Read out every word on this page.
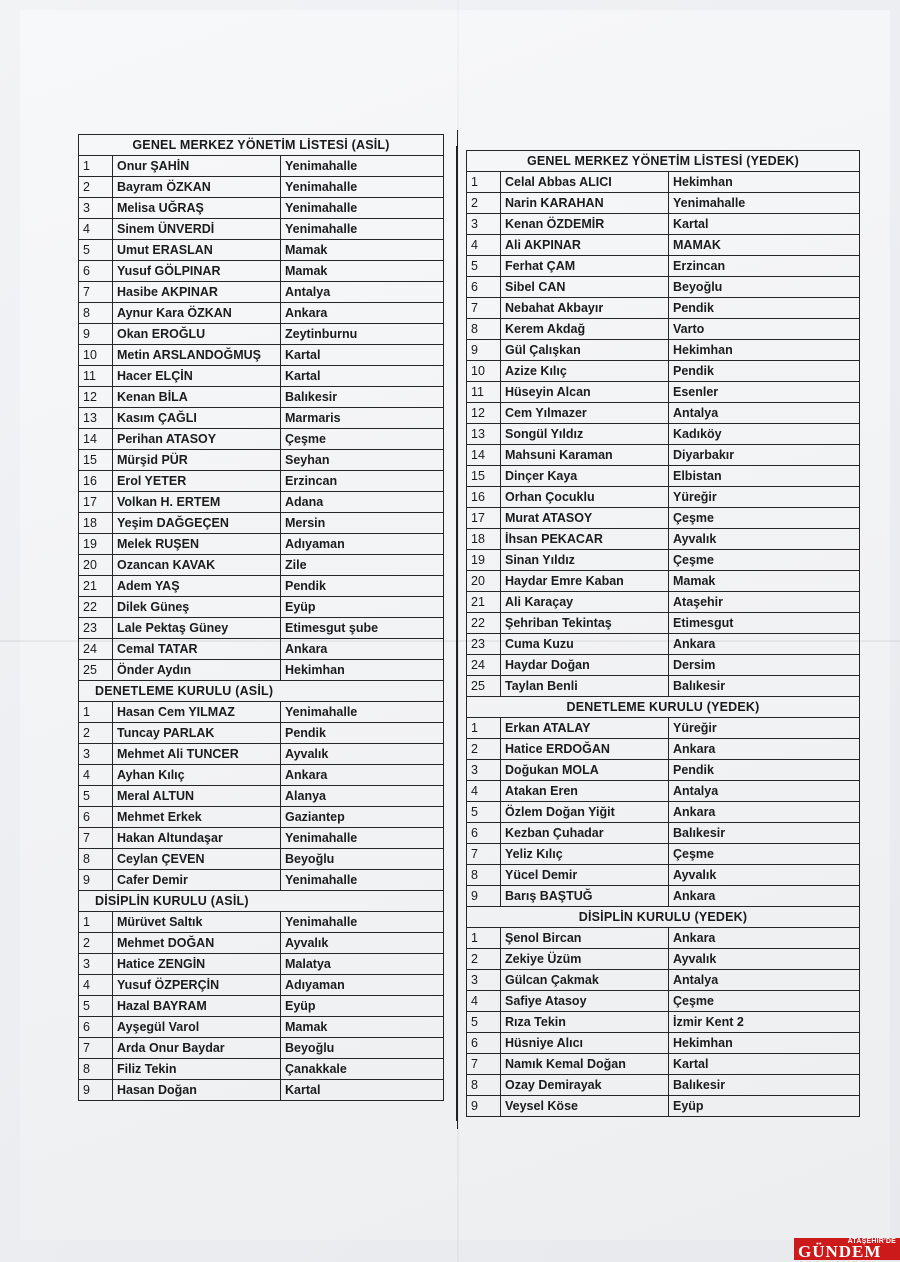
GENEL MERKEZ YÖNETİM LİSTESİ (ASİL)		
1	Onur ŞAHİN	Yenimahalle
2	Bayram ÖZKAN	Yenimahalle
3	Melisa UĞRAŞ	Yenimahalle
4	Sinem ÜNVERDİ	Yenimahalle
5	Umut ERASLAN	Mamak
6	Yusuf GÖLPINAR	Mamak
7	Hasibe AKPINAR	Antalya
8	Aynur Kara ÖZKAN	Ankara
9	Okan EROĞLU	Zeytinburnu
10	Metin ARSLANDOĞMUŞ	Kartal
11	Hacer ELÇİN	Kartal
12	Kenan BİLA	Balıkesir
13	Kasım ÇAĞLI	Marmaris
14	Perihan ATASOY	Çeşme
15	Mürşid PÜR	Seyhan
16	Erol YETER	Erzincan
17	Volkan H. ERTEM	Adana
18	Yeşim DAĞGEÇEN	Mersin
19	Melek RUŞEN	Adıyaman
20	Ozancan KAVAK	Zile
21	Adem YAŞ	Pendik
22	Dilek Güneş	Eyüp
23	Lale Pektaş Güney	Etimesgut şube
24	Cemal TATAR	Ankara
25	Önder Aydın	Hekimhan
DENETLEME KURULU (ASİL)		
1	Hasan Cem YILMAZ	Yenimahalle
2	Tuncay PARLAK	Pendik
3	Mehmet Ali TUNCER	Ayvalık
4	Ayhan Kılıç	Ankara
5	Meral ALTUN	Alanya
6	Mehmet Erkek	Gaziantep
7	Hakan Altundaşar	Yenimahalle
8	Ceylan ÇEVEN	Beyoğlu
9	Cafer Demir	Yenimahalle
DİSİPLİN KURULU (ASİL)		
1	Mürüvet Saltık	Yenimahalle
2	Mehmet DOĞAN	Ayvalık
3	Hatice ZENGİN	Malatya
4	Yusuf ÖZPERÇİN	Adıyaman
5	Hazal BAYRAM	Eyüp
6	Ayşegül Varol	Mamak
7	Arda Onur Baydar	Beyoğlu
8	Filiz Tekin	Çanakkale
9	Hasan Doğan	Kartal
GENEL MERKEZ YÖNETİM LİSTESİ (YEDEK)		
1	Celal Abbas ALICI	Hekimhan
2	Narin KARAHAN	Yenimahalle
3	Kenan ÖZDEMİR	Kartal
4	Ali AKPINAR	MAMAK
5	Ferhat ÇAM	Erzincan
6	Sibel CAN	Beyoğlu
7	Nebahat Akbayır	Pendik
8	Kerem Akdağ	Varto
9	Gül Çalışkan	Hekimhan
10	Azize Kılıç	Pendik
11	Hüseyin Alcan	Esenler
12	Cem Yılmazer	Antalya
13	Songül Yıldız	Kadıköy
14	Mahsuni Karaman	Diyarbakır
15	Dinçer Kaya	Elbistan
16	Orhan Çocuklu	Yüreğir
17	Murat ATASOY	Çeşme
18	İhsan PEKACAR	Ayvalık
19	Sinan Yıldız	Çeşme
20	Haydar Emre Kaban	Mamak
21	Ali Karaçay	Ataşehir
22	Şehriban Tekintaş	Etimesgut
23	Cuma Kuzu	Ankara
24	Haydar Doğan	Dersim
25	Taylan Benli	Balıkesir
DENETLEME KURULU (YEDEK)		
1	Erkan ATALAY	Yüreğir
2	Hatice ERDOĞAN	Ankara
3	Doğukan MOLA	Pendik
4	Atakan Eren	Antalya
5	Özlem Doğan Yiğit	Ankara
6	Kezban Çuhadar	Balıkesir
7	Yeliz Kılıç	Çeşme
8	Yücel Demir	Ayvalık
9	Barış BAŞTUĞ	Ankara
DİSİPLİN KURULU (YEDEK)		
1	Şenol Bircan	Ankara
2	Zekiye Üzüm	Ayvalık
3	Gülcan Çakmak	Antalya
4	Safiye Atasoy	Çeşme
5	Rıza Tekin	İzmir Kent 2
6	Hüsniye Alıcı	Hekimhan
7	Namık Kemal Doğan	Kartal
8	Ozay Demirayak	Balıkesir
9	Veysel Köse	Eyüp
ATAŞEHİR'DE
GÜNDEM
